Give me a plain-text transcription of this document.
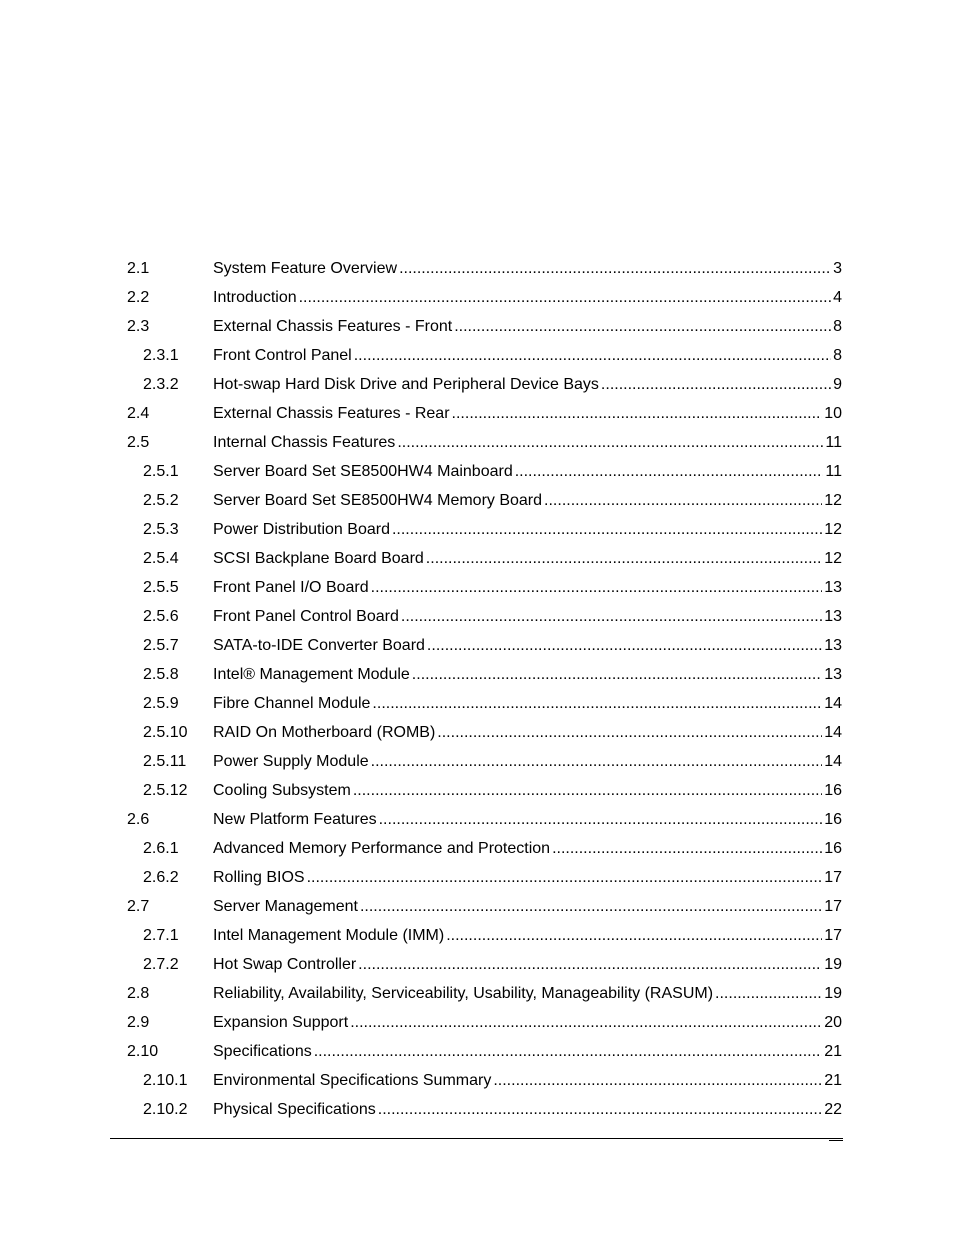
2.1	System Feature Overview .....	3
2.2	Introduction .....	4
2.3	External Chassis Features - Front .....	8
2.3.1 Front Control Panel .....	8
2.3.2 Hot-swap Hard Disk Drive and Peripheral Device Bays .....	9
2.4	External Chassis Features - Rear .....	10
2.5	Internal Chassis Features .....	11
2.5.1 Server Board Set SE8500HW4 Mainboard .....	11
2.5.2 Server Board Set SE8500HW4 Memory Board .....	12
2.5.3 Power Distribution Board .....	12
2.5.4 SCSI Backplane Board Board .....	12
2.5.5 Front Panel I/O Board .....	13
2.5.6 Front Panel Control Board .....	13
2.5.7 SATA-to-IDE Converter Board .....	13
2.5.8 Intel® Management Module .....	13
2.5.9 Fibre Channel Module .....	14
2.5.10 RAID On Motherboard (ROMB) .....	14
2.5.11 Power Supply Module .....	14
2.5.12 Cooling Subsystem .....	16
2.6	New Platform Features .....	16
2.6.1 Advanced Memory Performance and Protection .....	16
2.6.2 Rolling BIOS .....	17
2.7	Server Management .....	17
2.7.1 Intel Management Module (IMM) .....	17
2.7.2 Hot Swap Controller .....	19
2.8	Reliability, Availability, Serviceability, Usability, Manageability (RASUM) .....	19
2.9	Expansion Support .....	20
2.10	Specifications .....	21
2.10.1 Environmental Specifications Summary .....	21
2.10.2 Physical Specifications .....	22
